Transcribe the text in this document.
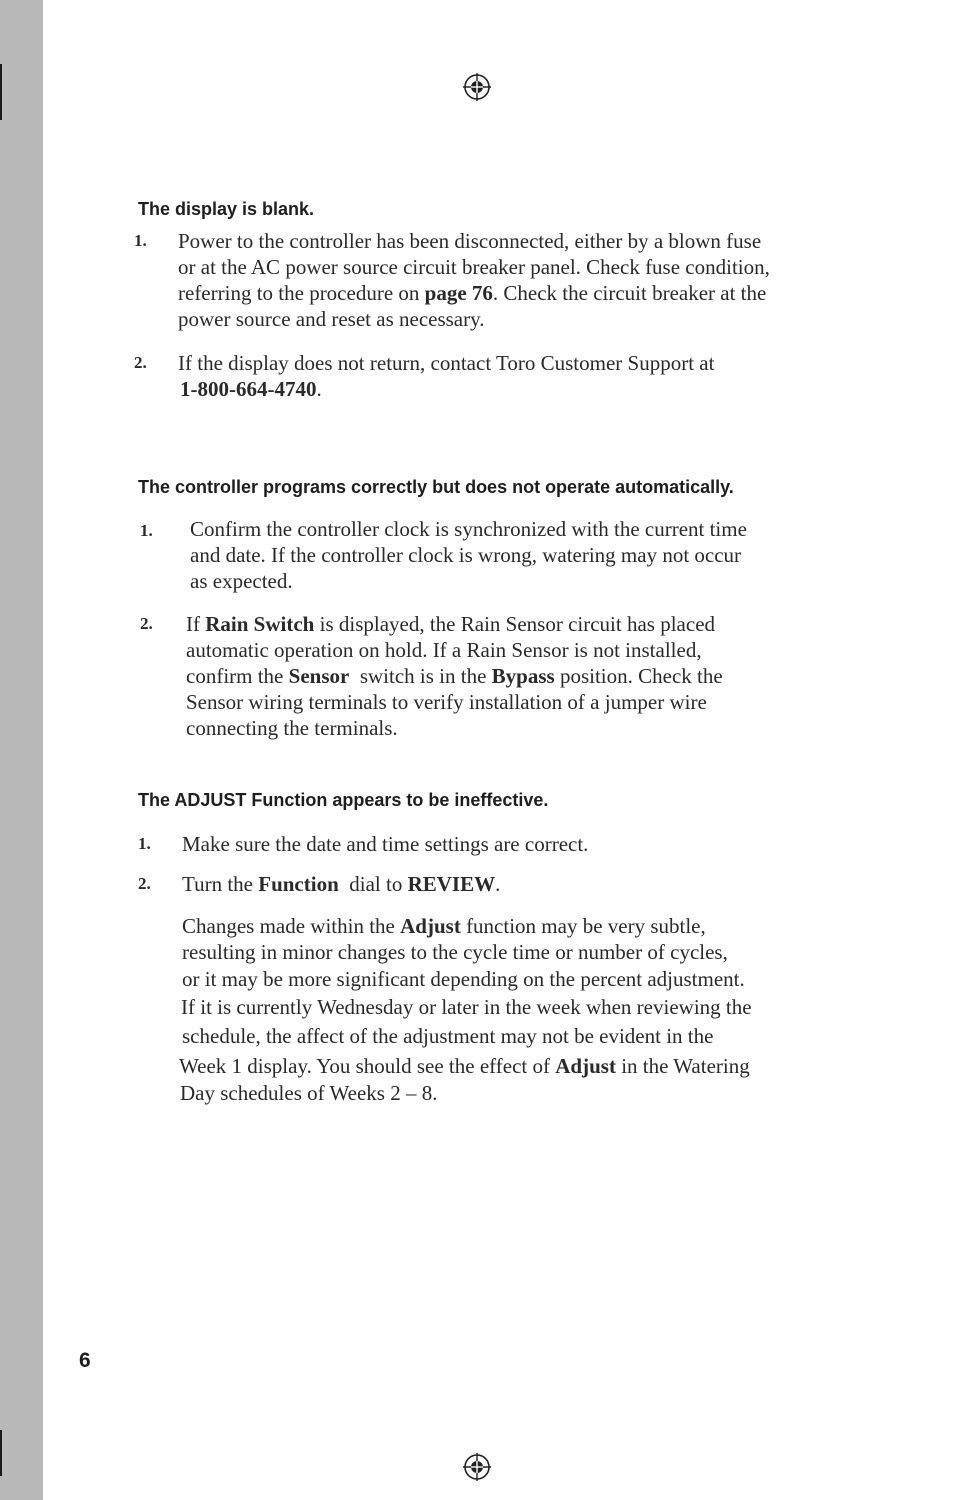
The display is blank.
1. Power to the controller has been disconnected, either by a blown fuse
or at the AC power source circuit breaker panel. Check fuse condition,
referring to the procedure on page 76. Check the circuit breaker at the
power source and reset as necessary.
2. If the display does not return, contact Toro Customer Support at
1-800-664-4740.
The controller programs correctly but does not operate automatically.
1. Confirm the controller clock is synchronized with the current time
and date. If the controller clock is wrong, watering may not occur
as expected.
2. If Rain Switch is displayed, the Rain Sensor circuit has placed
automatic operation on hold. If a Rain Sensor is not installed,
confirm the Sensor  switch is in the Bypass position. Check the
Sensor wiring terminals to verify installation of a jumper wire
connecting the terminals.
The ADJUST Function appears to be ineffective.
1. Make sure the date and time settings are correct.
2. Turn the Function  dial to REVIEW.
Changes made within the Adjust function may be very subtle,
resulting in minor changes to the cycle time or number of cycles,
or it may be more significant depending on the percent adjustment.
If it is currently Wednesday or later in the week when reviewing the
schedule, the affect of the adjustment may not be evident in the
Week 1 display. You should see the effect of Adjust in the Watering
Day schedules of Weeks 2 – 8.
6
